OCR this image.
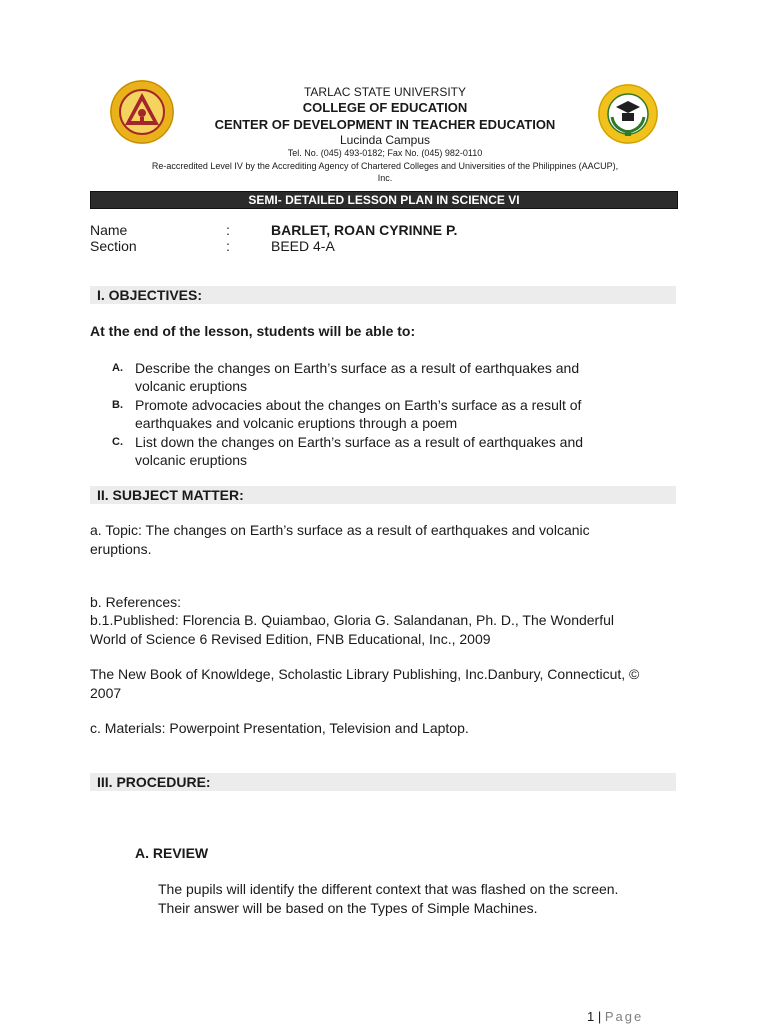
TARLAC STATE UNIVERSITY
COLLEGE OF EDUCATION
CENTER OF DEVELOPMENT IN TEACHER EDUCATION
Lucinda Campus
Tel. No. (045) 493-0182; Fax No. (045) 982-0110
Re-accredited Level IV by the Accrediting Agency of Chartered Colleges and Universities of the Philippines (AACUP), Inc.
SEMI- DETAILED LESSON PLAN IN SCIENCE VI
Name	:	BARLET, ROAN CYRINNE P.
Section	:	BEED 4-A
I. OBJECTIVES:
At the end of the lesson, students will be able to:
A. Describe the changes on Earth’s surface as a result of earthquakes and
volcanic eruptions
B. Promote advocacies about the changes on Earth’s surface as a result of
earthquakes and volcanic eruptions through a poem
C. List down the changes on Earth’s surface as a result of earthquakes and
volcanic eruptions
II. SUBJECT MATTER:
a. Topic: The changes on Earth’s surface as a result of earthquakes and volcanic
eruptions.
b. References:
b.1.Published: Florencia B. Quiambao, Gloria G. Salandanan, Ph. D., The Wonderful
World of Science 6 Revised Edition, FNB Educational, Inc., 2009
The New Book of Knowldege, Scholastic Library Publishing, Inc.Danbury, Connecticut, ©
2007
c. Materials: Powerpoint Presentation, Television and Laptop.
III. PROCEDURE:
A. REVIEW
The pupils will identify the different context that was flashed on the screen.
Their answer will be based on the Types of Simple Machines.
1 | Page
